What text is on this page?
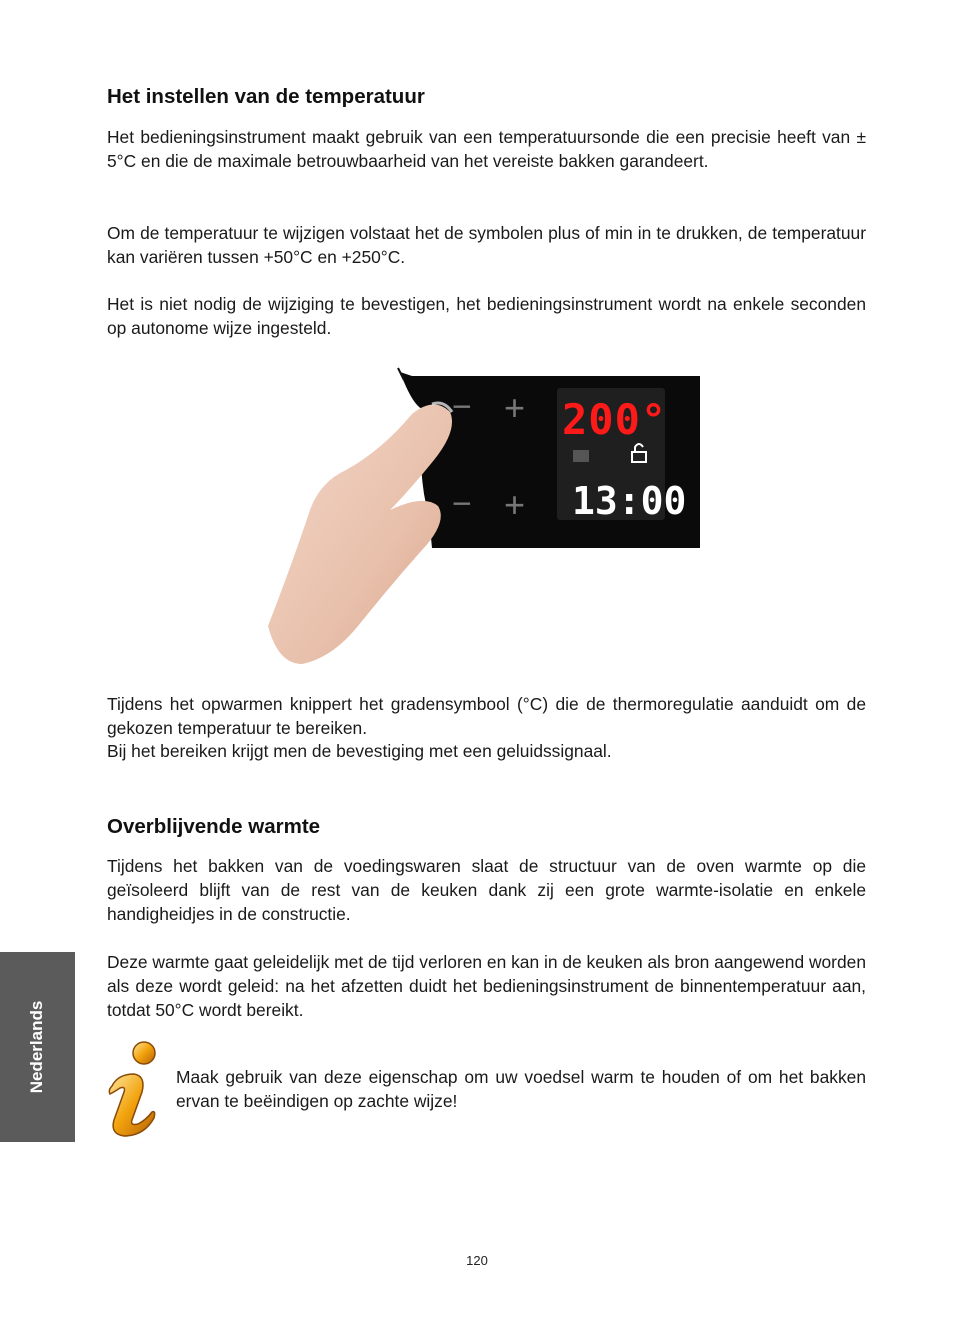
Het instellen van de temperatuur

Het bedieningsinstrument maakt gebruik van een temperatuursonde die een precisie heeft van ± 5°C en die de maximale betrouwbaarheid van het vereiste bakken garandeert.

Om de temperatuur te wijzigen volstaat het de symbolen plus of min in te drukken, de temperatuur kan variëren tussen +50°C en +250°C.

Het is niet nodig de wijziging te bevestigen, het bedieningsinstrument wordt na enkele seconden op autonome wijze ingesteld.

200°
13:00
− +
− +

Tijdens het opwarmen knippert het gradensymbool (°C) die de thermoregulatie aanduidt om de gekozen temperatuur te bereiken.

Bij het bereiken krijgt men de bevestiging met een geluidssignaal.

Overblijvende warmte

Tijdens het bakken van de voedingswaren slaat de structuur van de oven warmte op die geïsoleerd blijft van de rest van de keuken dank zij een grote warmte-isolatie en enkele handigheidjes in de constructie.

Deze warmte gaat geleidelijk met de tijd verloren en kan in de keuken als bron aangewend worden als deze wordt geleid: na het afzetten duidt het bedieningsinstrument de binnentemperatuur aan, totdat 50°C wordt bereikt.

Maak gebruik van deze eigenschap om uw voedsel warm te houden of om het bakken ervan te beëindigen op zachte wijze!

Nederlands
120
